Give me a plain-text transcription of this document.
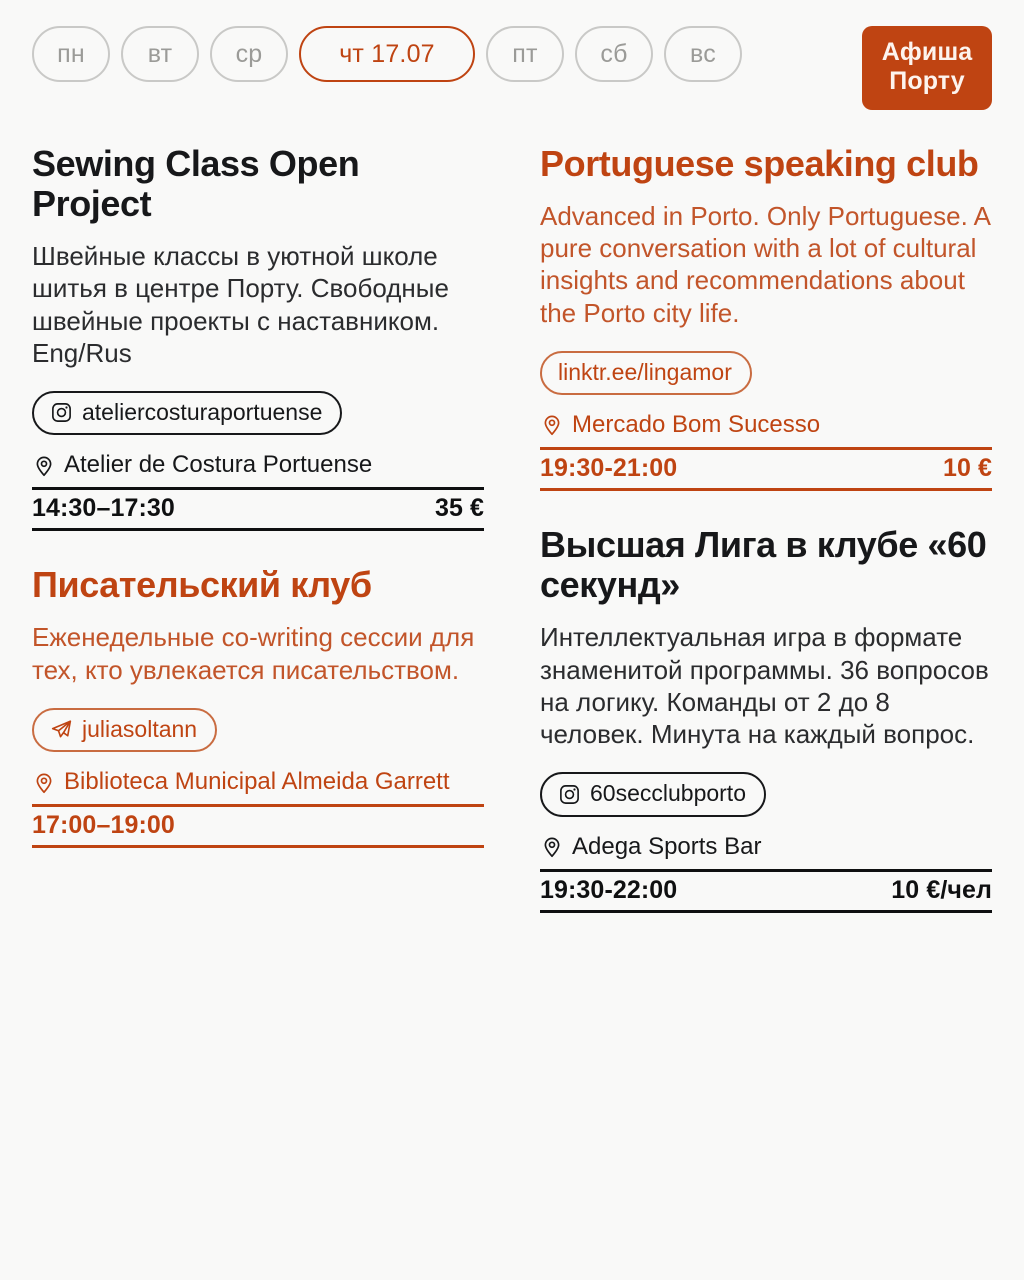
пн	вт	ср	чт 17.07	пт	сб	вс	Афиша
Порту
Sewing Class Open Project
Швейные классы в уютной школе шитья в центре Порту. Свободные швейные проекты с наставником. Eng/Rus
ateliercosturaportuense
Atelier de Costura Portuense
14:30–17:30	35 €
Писательский клуб
Еженедельные co-writing сессии для тех, кто увлекается писательством.
juliasoltann
Biblioteca Municipal Almeida Garrett
17:00–19:00
Portuguese speaking club
Advanced in Porto. Only Portuguese. A pure conversation with a lot of cultural insights and recommendations about the Porto city life.
linktr.ee/lingamor
Mercado Bom Sucesso
19:30-21:00	10 €
Высшая Лига в клубе «60 секунд»
Интеллектуальная игра в формате знаменитой программы. 36 вопросов на логику. Команды от 2 до 8 человек. Минута на каждый вопрос.
60secclubporto
Adega Sports Bar
19:30-22:00	10 €/чел
